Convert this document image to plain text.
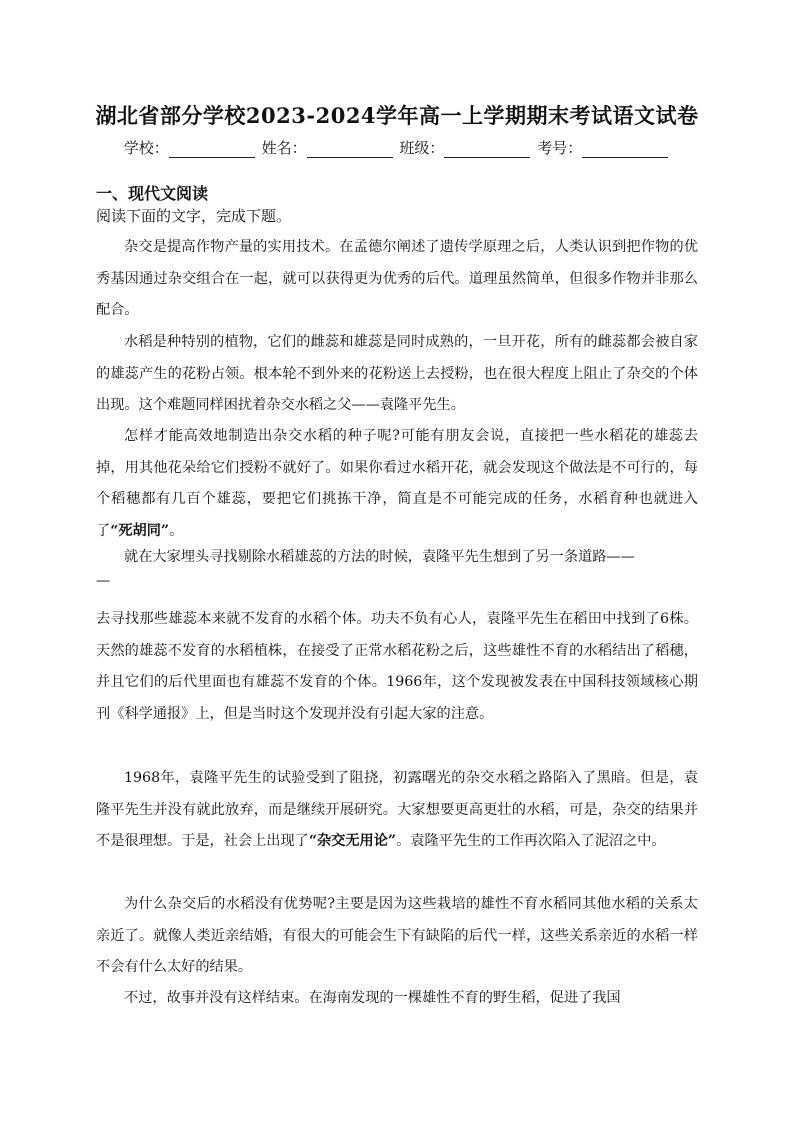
湖北省部分学校2023-2024学年高一上学期期末考试语文试卷
学校：	姓名：	班级：	考号：
一、现代文阅读
阅读下面的文字，完成下题。

杂交是提高作物产量的实用技术。在孟德尔阐述了遗传学原理之后，人类认识到把作物的优秀基因通过杂交组合在一起，就可以获得更为优秀的后代。道理虽然简单，但很多作物并非那么配合。

水稻是种特别的植物，它们的雌蕊和雄蕊是同时成熟的，一旦开花，所有的雌蕊都会被自家的雄蕊产生的花粉占领。根本轮不到外来的花粉送上去授粉，也在很大程度上阻止了杂交的个体出现。这个难题同样困扰着杂交水稻之父——袁隆平先生。

怎样才能高效地制造出杂交水稻的种子呢?可能有朋友会说，直接把一些水稻花的雄蕊去掉，用其他花朵给它们授粉不就好了。如果你看过水稻开花，就会发现这个做法是不可行的，每个稻穗都有几百个雄蕊，要把它们挑拣干净，简直是不可能完成的任务，水稻育种也就进入了“死胡同”。

就在大家埋头寻找剔除水稻雄蕊的方法的时候，袁隆平先生想到了另一条道路——

—

去寻找那些雄蕊本来就不发育的水稻个体。功夫不负有心人，袁隆平先生在稻田中找到了6株。天然的雄蕊不发育的水稻植株，在接受了正常水稻花粉之后，这些雄性不育的水稻结出了稻穗，并且它们的后代里面也有雄蕊不发育的个体。1966年，这个发现被发表在中国科技领域核心期刊《科学通报》上，但是当时这个发现并没有引起大家的注意。

1968年，袁隆平先生的试验受到了阻挠，初露曙光的杂交水稻之路陷入了黑暗。但是，袁隆平先生并没有就此放弃，而是继续开展研究。大家想要更高更壮的水稻，可是，杂交的结果并不是很理想。于是，社会上出现了“杂交无用论”。袁隆平先生的工作再次陷入了泥沼之中。

为什么杂交后的水稻没有优势呢?主要是因为这些栽培的雄性不育水稻同其他水稻的关系太亲近了。就像人类近亲结婚，有很大的可能会生下有缺陷的后代一样，这些关系亲近的水稻一样不会有什么太好的结果。

不过，故事并没有这样结束。在海南发现的一棵雄性不育的野生稻，促进了我国
